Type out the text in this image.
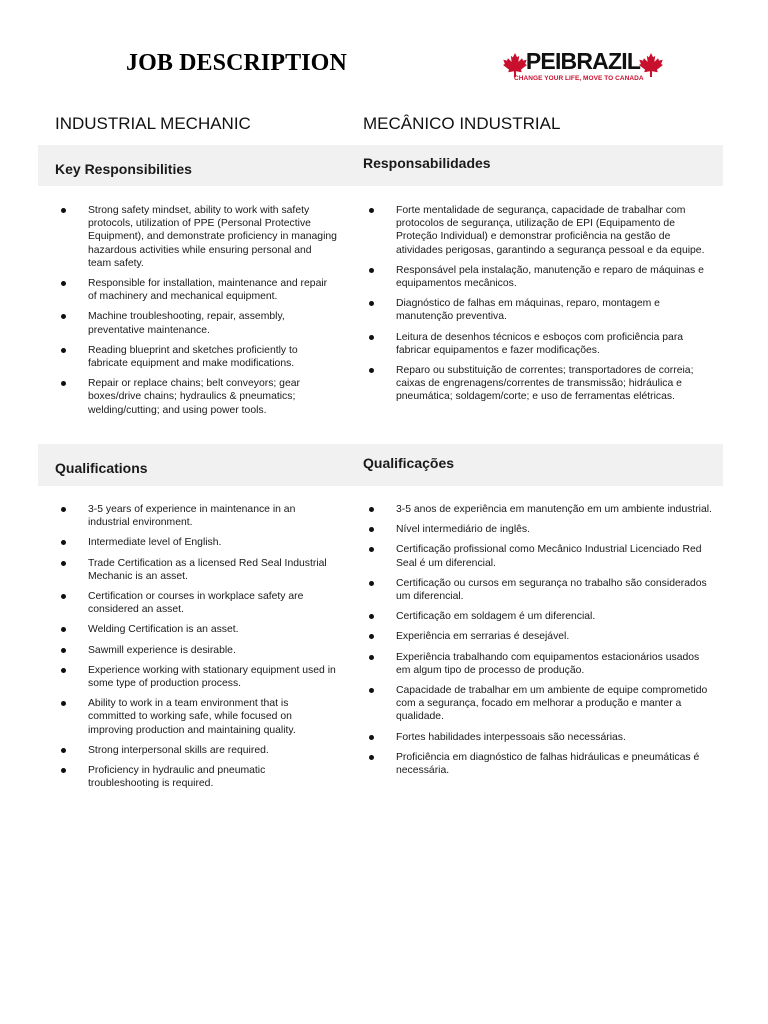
JOB DESCRIPTION	PEIBRAZIL
CHANGE YOUR LIFE, MOVE TO CANADA
INDUSTRIAL MECHANIC	MECÂNICO INDUSTRIAL
Key Responsibilities	Responsabilidades
Strong safety mindset, ability to work with safety protocols, utilization of PPE (Personal Protective Equipment), and demonstrate proficiency in managing hazardous activities while ensuring personal and team safety.
Responsible for installation, maintenance and repair of machinery and mechanical equipment.
Machine troubleshooting, repair, assembly, preventative maintenance.
Reading blueprint and sketches proficiently to fabricate equipment and make modifications.
Repair or replace chains; belt conveyors; gear boxes/drive chains; hydraulics & pneumatics; welding/cutting; and using power tools.
Forte mentalidade de segurança, capacidade de trabalhar com protocolos de segurança, utilização de EPI (Equipamento de Proteção Individual) e demonstrar proficiência na gestão de atividades perigosas, garantindo a segurança pessoal e da equipe.
Responsável pela instalação, manutenção e reparo de máquinas e equipamentos mecânicos.
Diagnóstico de falhas em máquinas, reparo, montagem e manutenção preventiva.
Leitura de desenhos técnicos e esboços com proficiência para fabricar equipamentos e fazer modificações.
Reparo ou substituição de correntes; transportadores de correia; caixas de engrenagens/correntes de transmissão; hidráulica e pneumática; soldagem/corte; e uso de ferramentas elétricas.
Qualifications	Qualificações
3-5 years of experience in maintenance in an industrial environment.
Intermediate level of English.
Trade Certification as a licensed Red Seal Industrial Mechanic is an asset.
Certification or courses in workplace safety are considered an asset.
Welding Certification is an asset.
Sawmill experience is desirable.
Experience working with stationary equipment used in some type of production process.
Ability to work in a team environment that is committed to working safe, while focused on improving production and maintaining quality.
Strong interpersonal skills are required.
Proficiency in hydraulic and pneumatic troubleshooting is required.
3-5 anos de experiência em manutenção em um ambiente industrial.
Nível intermediário de inglês.
Certificação profissional como Mecânico Industrial Licenciado Red Seal é um diferencial.
Certificação ou cursos em segurança no trabalho são considerados um diferencial.
Certificação em soldagem é um diferencial.
Experiência em serrarias é desejável.
Experiência trabalhando com equipamentos estacionários usados em algum tipo de processo de produção.
Capacidade de trabalhar em um ambiente de equipe comprometido com a segurança, focado em melhorar a produção e manter a qualidade.
Fortes habilidades interpessoais são necessárias.
Proficiência em diagnóstico de falhas hidráulicas e pneumáticas é necessária.
